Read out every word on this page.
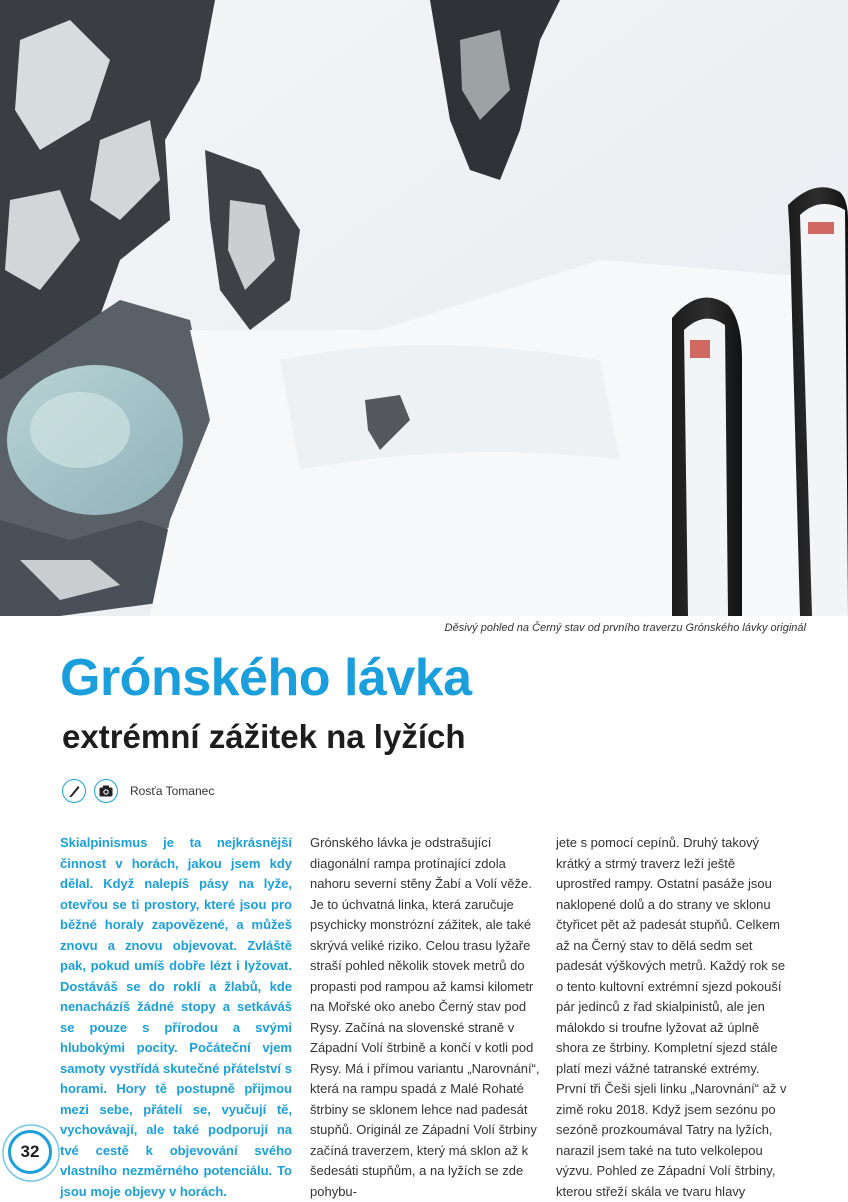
Děsivý pohled na Černý stav od prvního traverzu Grónského lávky originál
Grónského lávka
extrémní zážitek na lyžích
Rosťa Tomanec

Skialpinismus je ta nejkrásnější činnost v horách, jakou jsem kdy dělal. Když nalepíš pásy na lyže, otevřou se ti prostory, které jsou pro běžné horaly zapovězené, a můžeš znovu a znovu objevovat. Zvláště pak, pokud umíš dobře lézt i lyžovat. Dostáváš se do roklí a žlabů, kde nenacházíš žádné stopy a setkáváš se pouze s přírodou a svými hlubokými pocity. Počáteční vjem samoty vystřídá skutečné přátelství s horami. Hory tě postupně přijmou mezi sebe, přátelí se, vyučují tě, vychovávají, ale také podporují na tvé cestě k objevování svého vlastního nezměrného potenciálu. To jsou moje objevy v horách.

Grónského lávka je odstrašující diagonální rampa protínající zdola nahoru severní stěny Žabí a Volí věže. Je to úchvatná linka, která zaručuje psychicky monstrózní zážitek, ale také skrývá veliké riziko. Celou trasu lyžaře straší pohled několik stovek metrů do propasti pod rampou až kamsi kilometr na Mořské oko anebo Černý stav pod Rysy. Začíná na slovenské straně v Západní Volí štrbině a končí v kotli pod Rysy. Má i přímou variantu „Narovnání“, která na rampu spadá z Malé Rohaté štrbiny se sklonem lehce nad padesát stupňů. Originál ze Západní Volí štrbiny začíná traverzem, který má sklon až k šedesáti stupňům, a na lyžích se zde pohybu-

jete s pomocí cepínů. Druhý takový krátký a strmý traverz leží ještě uprostřed rampy. Ostatní pasáže jsou naklopené dolů a do strany ve sklonu čtyřicet pět až padesát stupňů. Celkem až na Černý stav to dělá sedm set padesát výškových metrů. Každý rok se o tento kultovní extrémní sjezd pokouší pár jedinců z řad skialpinistů, ale jen málokdo si troufne lyžovat až úplně shora ze štrbiny. Kompletní sjezd stále platí mezi vážné tatranské extrémy. První tři Češi sjeli linku „Narovnání“ až v zimě roku 2018. Když jsem sezónu po sezóně prozkoumával Tatry na lyžích, narazil jsem také na tuto velkolepou výzvu. Pohled ze Západní Volí štrbiny, kterou střeží skála ve tvaru hlavy

32
